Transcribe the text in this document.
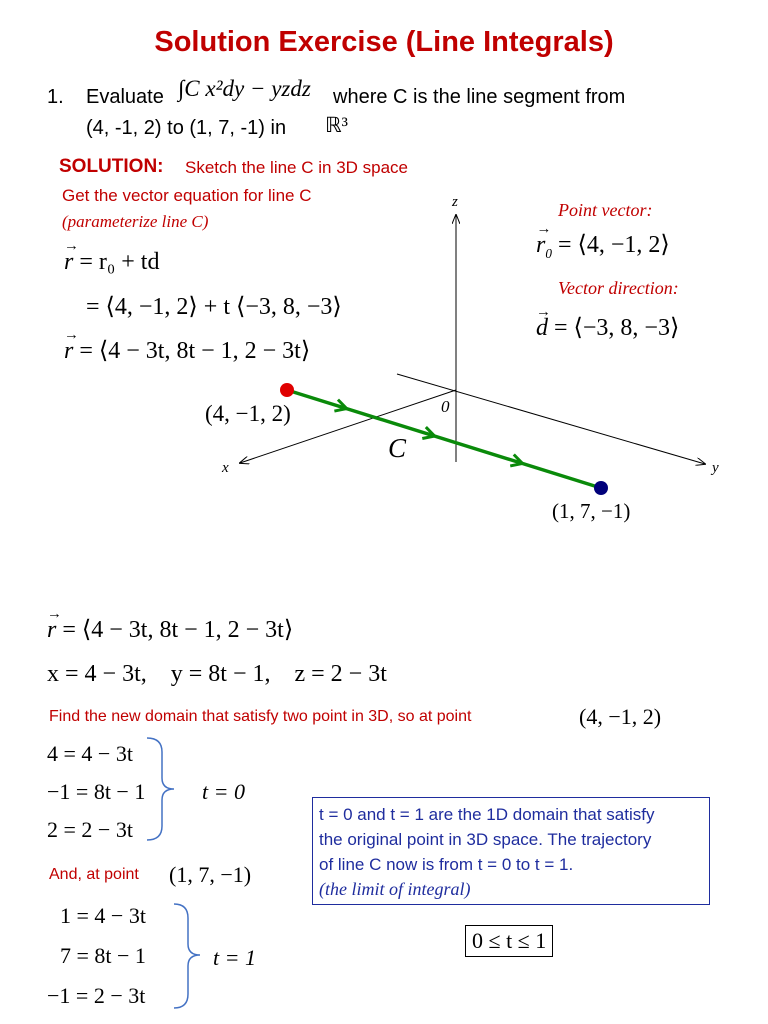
Solution Exercise (Line Integrals)
1. Evaluate ∫C x²dy − yzdz where C is the line segment from
(4, -1, 2) to (1, 7, -1) in ℝ³
SOLUTION: Sketch the line C in 3D space
Get the vector equation for line C
(parameterize line C)
→ r = r₀ + td
= ⟨4, −1, 2⟩ + t ⟨−3, 8, −3⟩
→ r = ⟨4 − 3t, 8t − 1, 2 − 3t⟩
Point vector:
→ $r_0$ = ⟨4, −1, 2⟩
Vector direction:
→ d = ⟨−3, 8, −3⟩
z
x	y
0
C
(4, −1, 2)
(1, 7, −1)
→ r = ⟨4 − 3t, 8t − 1, 2 − 3t⟩
x = 4 − 3t,    y = 8t − 1,    z = 2 − 3t
Find the new domain that satisfy two point in 3D, so at point	(4, −1, 2)
4 = 4 − 3t
−1 = 8t − 1
2 = 2 − 3t
t = 0
And, at point (1, 7, −1)
1 = 4 − 3t
7 = 8t − 1
−1 = 2 − 3t
t = 1
t = 0 and t = 1 are the 1D domain that satisfy
the original point in 3D space. The trajectory
of line C now is from t = 0 to t = 1.
(the limit of integral)
0 ≤ t ≤ 1
